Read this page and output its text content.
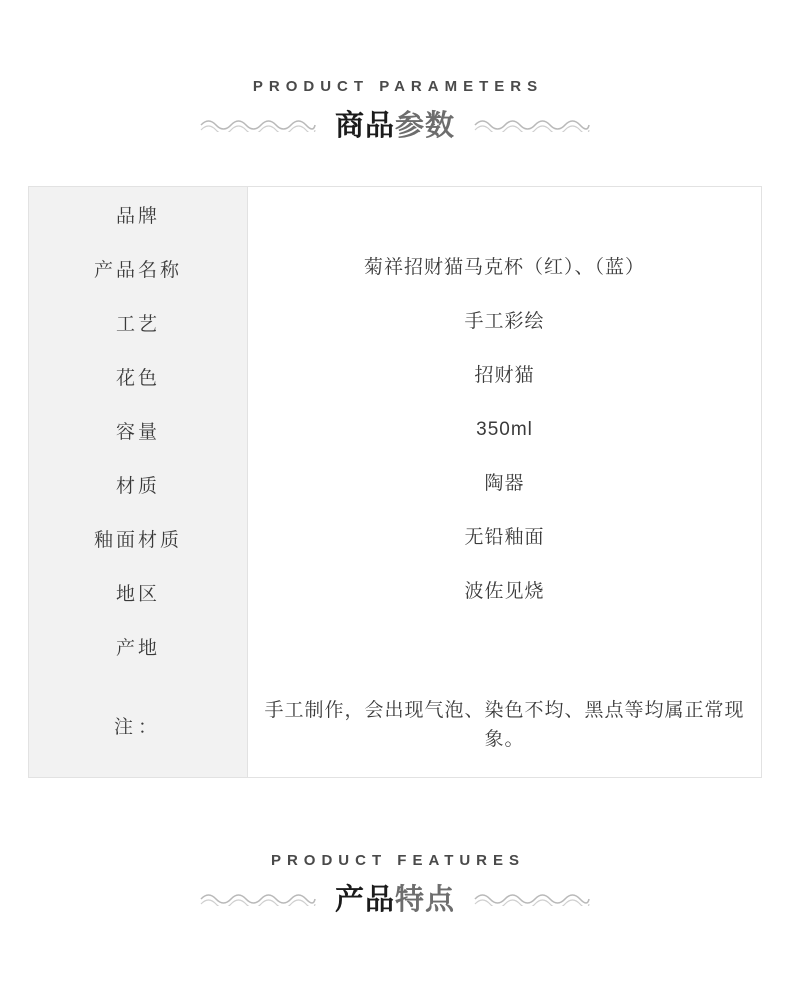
PRODUCT PARAMETERS
商品参数
品牌	
产品名称	菊祥招财猫马克杯（红）、（蓝）
工艺	手工彩绘
花色	招财猫
容量	350ml
材质	陶器
釉面材质	无铅釉面
地区	波佐见烧
产地	
注：	手工制作，会出现气泡、染色不均、黑点等均属正常现象。
PRODUCT FEATURES
产品特点
